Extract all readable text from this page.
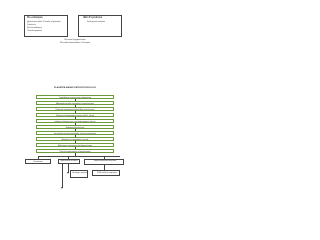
Pre-eclampsia
Hypertension (after 20 weeks of gestation)
Proteinuria
Renal insufficiency
Thrombocytopenia
HELLP syndrome
Fetal growth restriction
Placental hypoperfusion
Placental abnormalities / Ischemia
PLASENTA BASED PATHOPHYSIOLOGY
Trophoblastic invasion into endometrium
Abnormal vascular remodeling of spiral arteries
Reduced uteroplacental blood flow and ischemia
Release of antiangiogenic factors (sFlt-1, sEng)
Imbalance between pro- and antiangiogenic factors
Endothelial dysfunction
Increased vascular permeability and vasoconstriction
Activation of coagulation cascade
Multi-organ involvement and hypoperfusion
Clinical manifestations of preeclampsia
Proteinuria	Hypertension & edema	Reduced placental blood flow
Neurologic symptoms	IUGR and fetal compromise
